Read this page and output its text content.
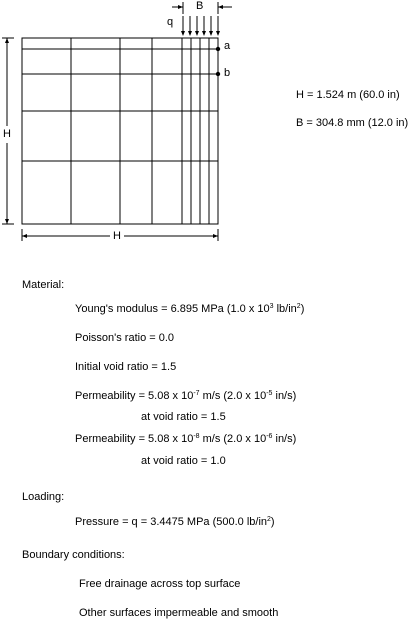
q
B
a
b
H
H
H = 1.524 m (60.0 in)
B = 304.8 mm (12.0 in)
Material:
Young's modulus = 6.895 MPa (1.0 x $10^3$ $lb/in^2$)
Poisson's ratio = 0.0
Initial void ratio = 1.5
Permeability = 5.08 x $10^{-7}$ m/s (2.0 x $10^{-5}$ in/s)
at void ratio = 1.5
Permeability = 5.08 x $10^{-8}$ m/s (2.0 x $10^{-6}$ in/s)
at void ratio = 1.0
Loading:
Pressure = q = 3.4475 MPa (500.0 $lb/in^2$)
Boundary conditions:
Free drainage across top surface
Other surfaces impermeable and smooth
